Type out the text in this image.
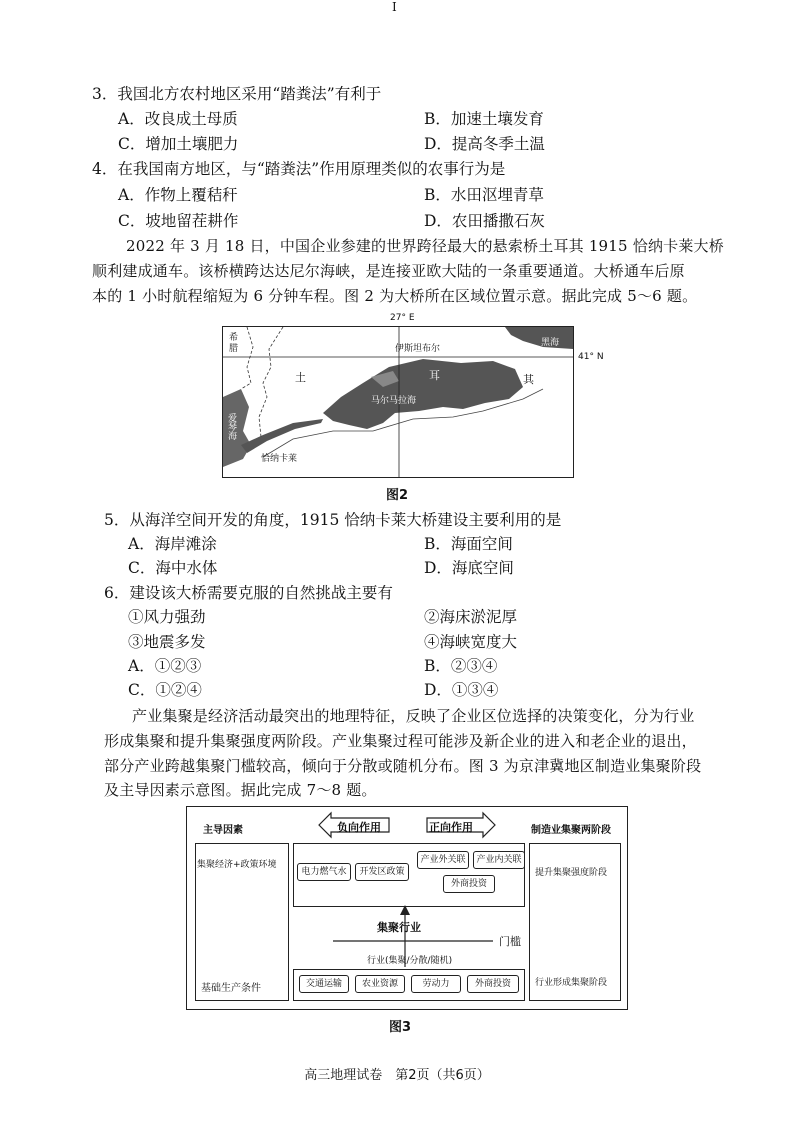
I
3．我国北方农村地区采用“踏粪法”有利于
A．改良成土母质	B．加速土壤发育
C．增加土壤肥力	D．提高冬季土温
4．在我国南方地区，与“踏粪法”作用原理类似的农事行为是
A．作物上覆秸秆	B．水田沤埋青草
C．坡地留茬耕作	D．农田播撒石灰
2022 年 3 月 18 日，中国企业参建的世界跨径最大的悬索桥土耳其 1915 恰纳卡莱大桥
顺利建成通车。该桥横跨达达尼尔海峡，是连接亚欧大陆的一条重要通道。大桥通车后原
本的 1 小时航程缩短为 6 分钟车程。图 2 为大桥所在区域位置示意。据此完成 5～6 题。
27° E
41° N
希
腊	伊斯坦布尔
黑海
土	耳	其
马尔马拉海
爱琴海
恰纳卡莱
图2
5．从海洋空间开发的角度，1915 恰纳卡莱大桥建设主要利用的是
A．海岸滩涂	B．海面空间
C．海中水体	D．海底空间
6．建设该大桥需要克服的自然挑战主要有
①风力强劲	②海床淤泥厚
③地震多发	④海峡宽度大
A．①②③	B．②③④
C．①②④	D．①③④
产业集聚是经济活动最突出的地理特征，反映了企业区位选择的决策变化，分为行业
形成集聚和提升集聚强度两阶段。产业集聚过程可能涉及新企业的进入和老企业的退出，
部分产业跨越集聚门槛较高，倾向于分散或随机分布。图 3 为京津冀地区制造业集聚阶段
及主导因素示意图。据此完成 7～8 题。
主导因素	制造业集聚两阶段
负向作用	正向作用
集聚经济+政策环境
基础生产条件
提升集聚强度阶段
行业形成集聚阶段
电力燃气水	开发区政策
产业外关联	产业内关联
外商投资
集聚行业
门槛
行业(集聚/分散/随机)
交通运输	农业资源	劳动力	外商投资
图3
高三地理试卷　第2页（共6页）
